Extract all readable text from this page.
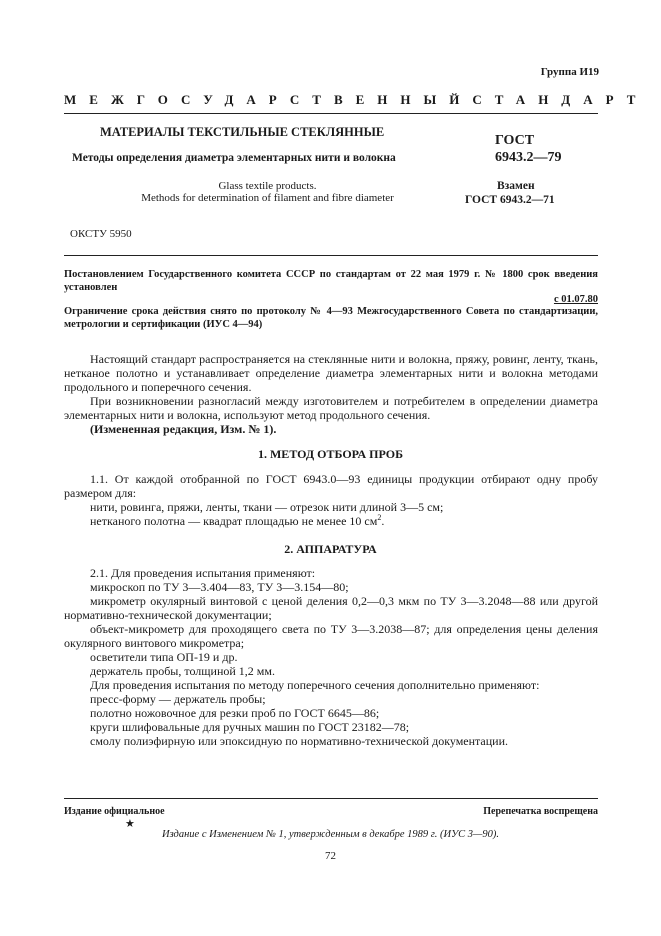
Группа И19
МЕЖГОСУДАРСТВЕННЫЙ СТАНДАРТ
МАТЕРИАЛЫ ТЕКСТИЛЬНЫЕ СТЕКЛЯННЫЕ
Методы определения диаметра элементарных нити и волокна
ГОСТ
6943.2—79
Glass textile products.
Methods for determination of filament and fibre diameter
Взамен
ГОСТ 6943.2—71
ОКСТУ 5950
Постановлением Государственного комитета СССР по стандартам от 22 мая 1979 г. № 1800 срок введения установлен
с 01.07.80
Ограничение срока действия снято по протоколу № 4—93 Межгосударственного Совета по стандартизации, метрологии и сертификации (ИУС 4—94)

Настоящий стандарт распространяется на стеклянные нити и волокна, пряжу, ровинг, ленту, ткань, нетканое полотно и устанавливает определение диаметра элементарных нити и волокна методами продольного и поперечного сечения.

При возникновении разногласий между изготовителем и потребителем в определении диаметра элементарных нити и волокна, используют метод продольного сечения.

(Измененная редакция, Изм. № 1).

1. МЕТОД ОТБОРА ПРОБ

1.1. От каждой отобранной по ГОСТ 6943.0—93 единицы продукции отбирают одну пробу размером для:

нити, ровинга, пряжи, ленты, ткани — отрезок нити длиной 3—5 см;

нетканого полотна — квадрат площадью не менее 10 $см^2$.

2. АППАРАТУРА

2.1. Для проведения испытания применяют:

микроскоп по ТУ 3—3.404—83, ТУ 3—3.154—80;

микрометр окулярный винтовой с ценой деления 0,2—0,3 мкм по ТУ 3—3.2048—88 или другой нормативно-технической документации;

объект-микрометр для проходящего света по ТУ 3—3.2038—87; для определения цены деления окулярного винтового микрометра;

осветители типа ОП-19 и др.

держатель пробы, толщиной 1,2 мм.

Для проведения испытания по методу поперечного сечения дополнительно применяют:

пресс-форму — держатель пробы;

полотно ножовочное для резки проб по ГОСТ 6645—86;

круги шлифовальные для ручных машин по ГОСТ 23182—78;

смолу полиэфирную или эпоксидную по нормативно-технической документации.

Издание официальное	Перепечатка воспрещена
★
Издание с Изменением № 1, утвержденным в декабре 1989 г. (ИУС 3—90).
72
